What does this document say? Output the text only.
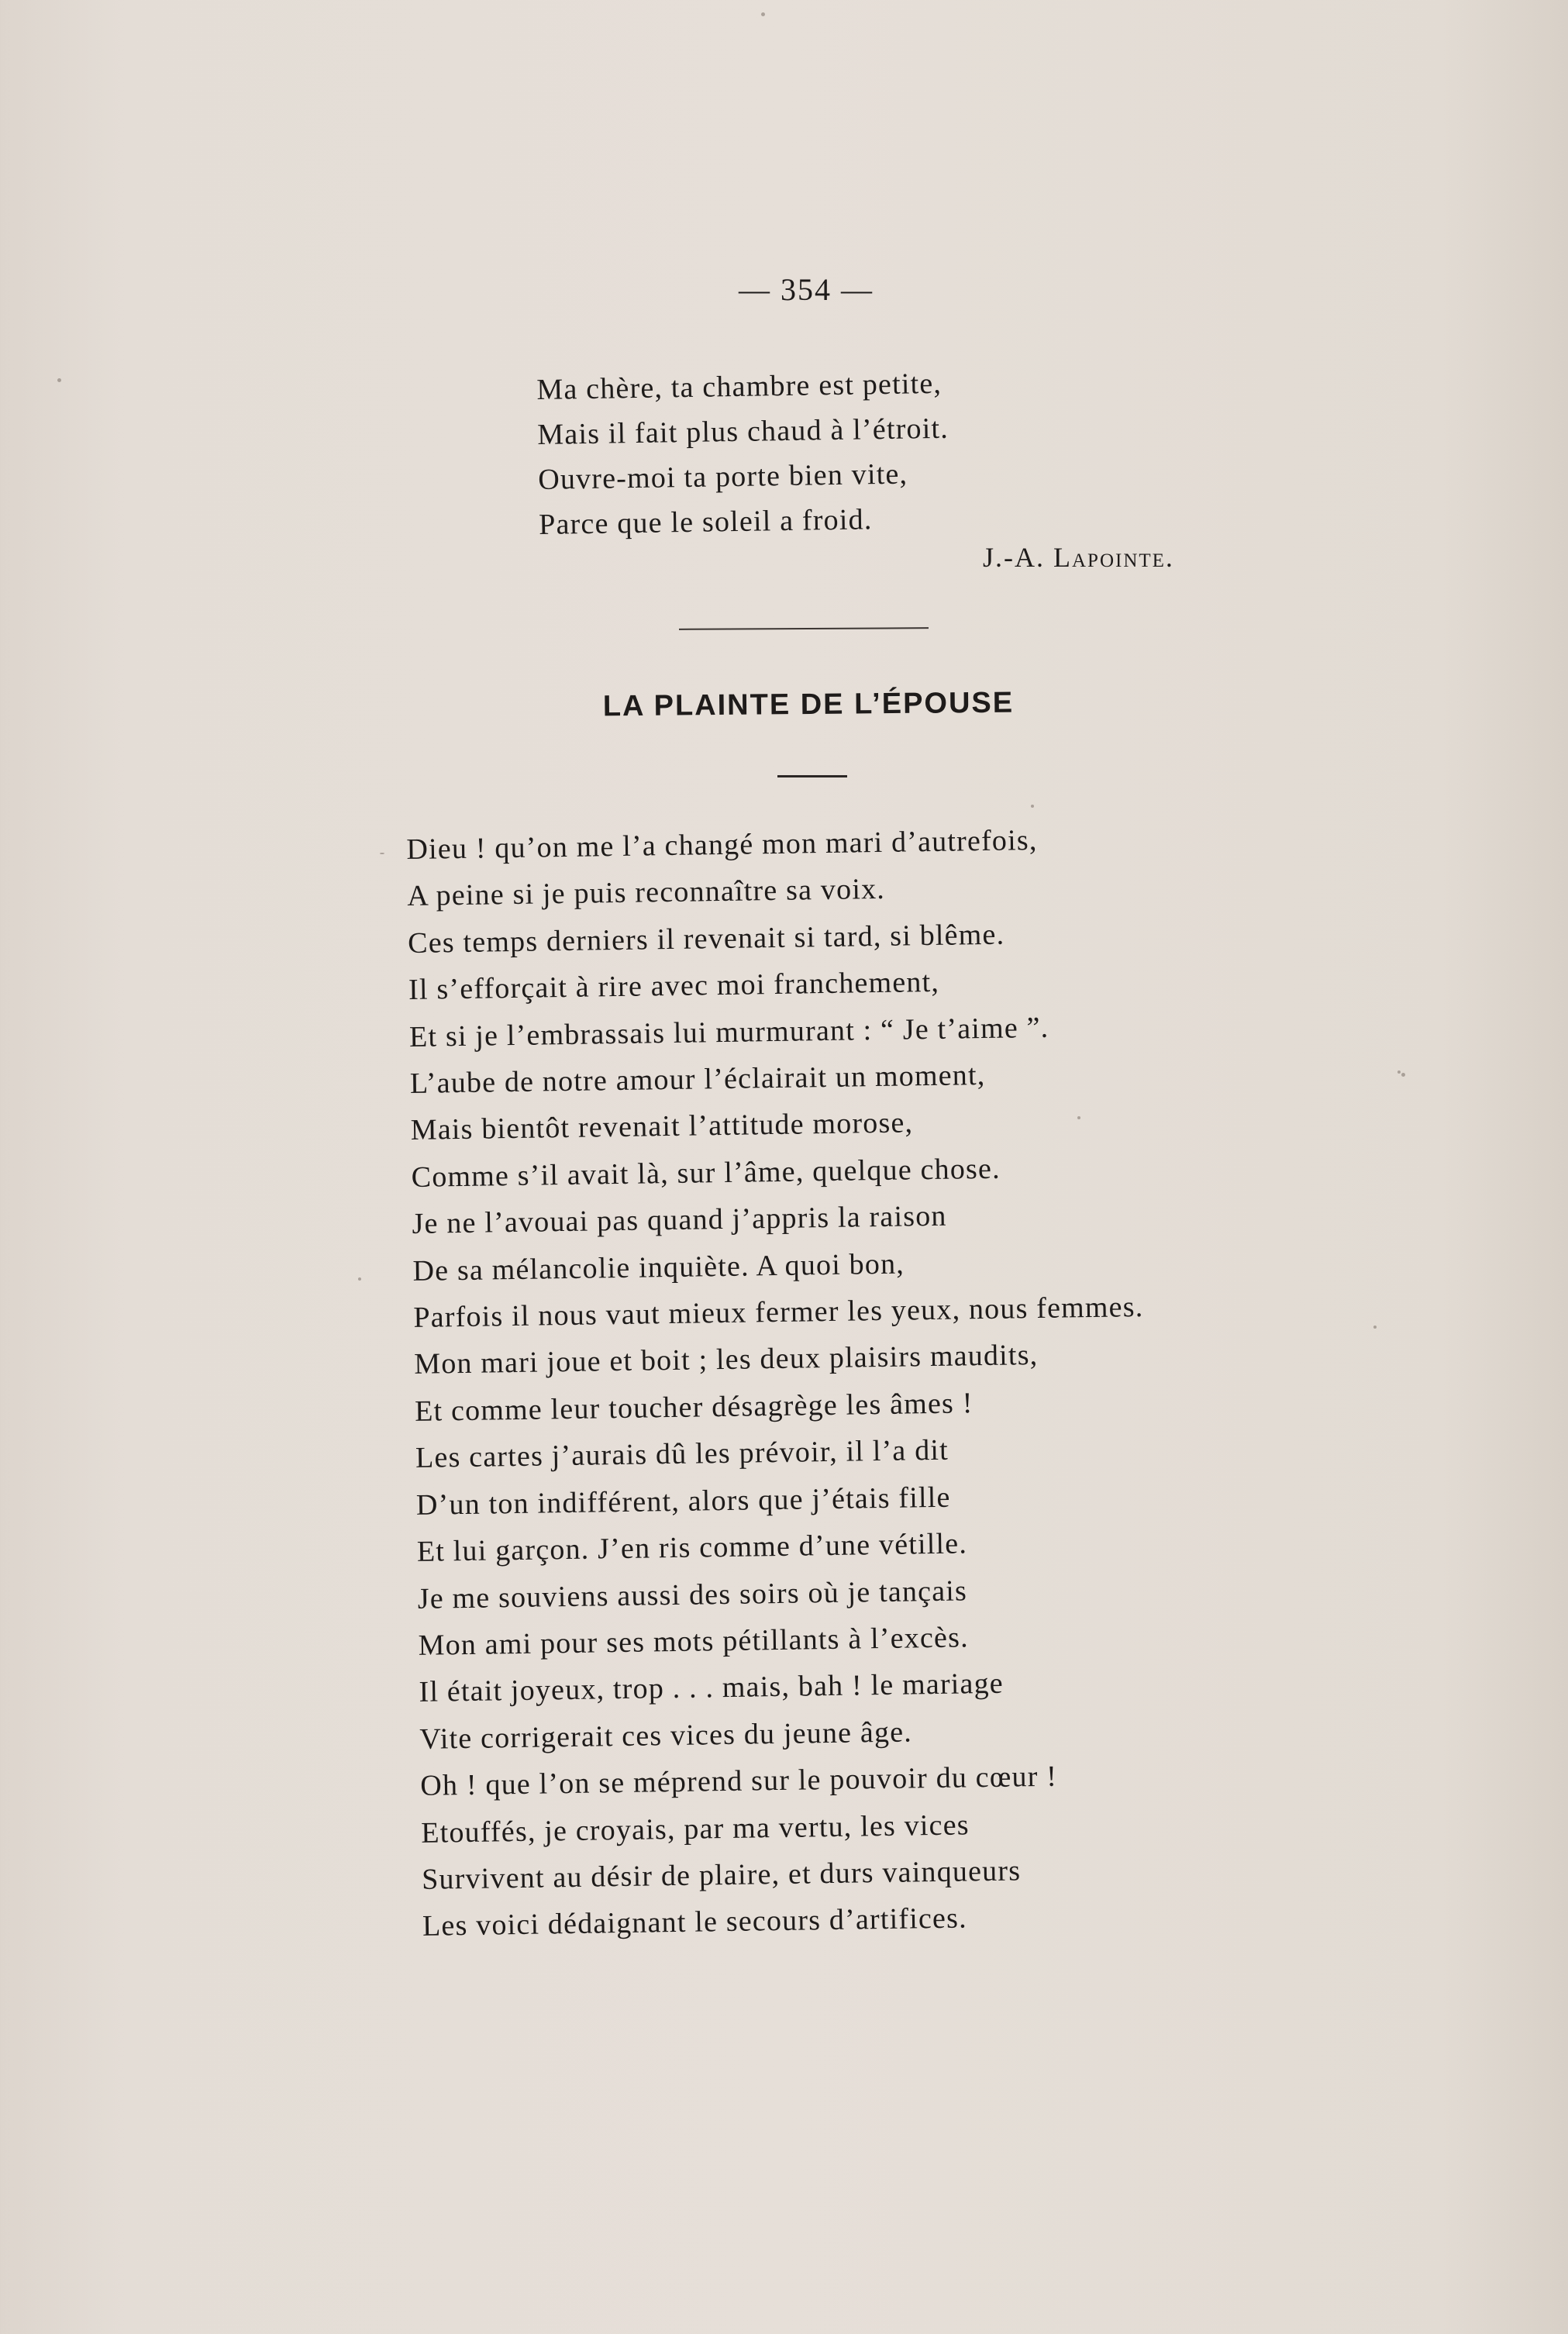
— 354 —
Ma chère, ta chambre est petite,
Mais il fait plus chaud à l’étroit.
Ouvre-moi ta porte bien vite,
Parce que le soleil a froid.
J.-A. Lapointe.
LA PLAINTE DE L’ÉPOUSE
Dieu ! qu’on me l’a changé mon mari d’autrefois,
A peine si je puis reconnaître sa voix.
Ces temps derniers il revenait si tard, si blême.
Il s’efforçait à rire avec moi franchement,
Et si je l’embrassais lui murmurant : “ Je t’aime ”.
L’aube de notre amour l’éclairait un moment,
Mais bientôt revenait l’attitude morose,
Comme s’il avait là, sur l’âme, quelque chose.
Je ne l’avouai pas quand j’appris la raison
De sa mélancolie inquiète. A quoi bon,
Parfois il nous vaut mieux fermer les yeux, nous femmes.
Mon mari joue et boit ; les deux plaisirs maudits,
Et comme leur toucher désagrège les âmes !
Les cartes j’aurais dû les prévoir, il l’a dit
D’un ton indifférent, alors que j’étais fille
Et lui garçon. J’en ris comme d’une vétille.
Je me souviens aussi des soirs où je tançais
Mon ami pour ses mots pétillants à l’excès.
Il était joyeux, trop . . . mais, bah ! le mariage
Vite corrigerait ces vices du jeune âge.
Oh ! que l’on se méprend sur le pouvoir du cœur !
Etouffés, je croyais, par ma vertu, les vices
Survivent au désir de plaire, et durs vainqueurs
Les voici dédaignant le secours d’artifices.
